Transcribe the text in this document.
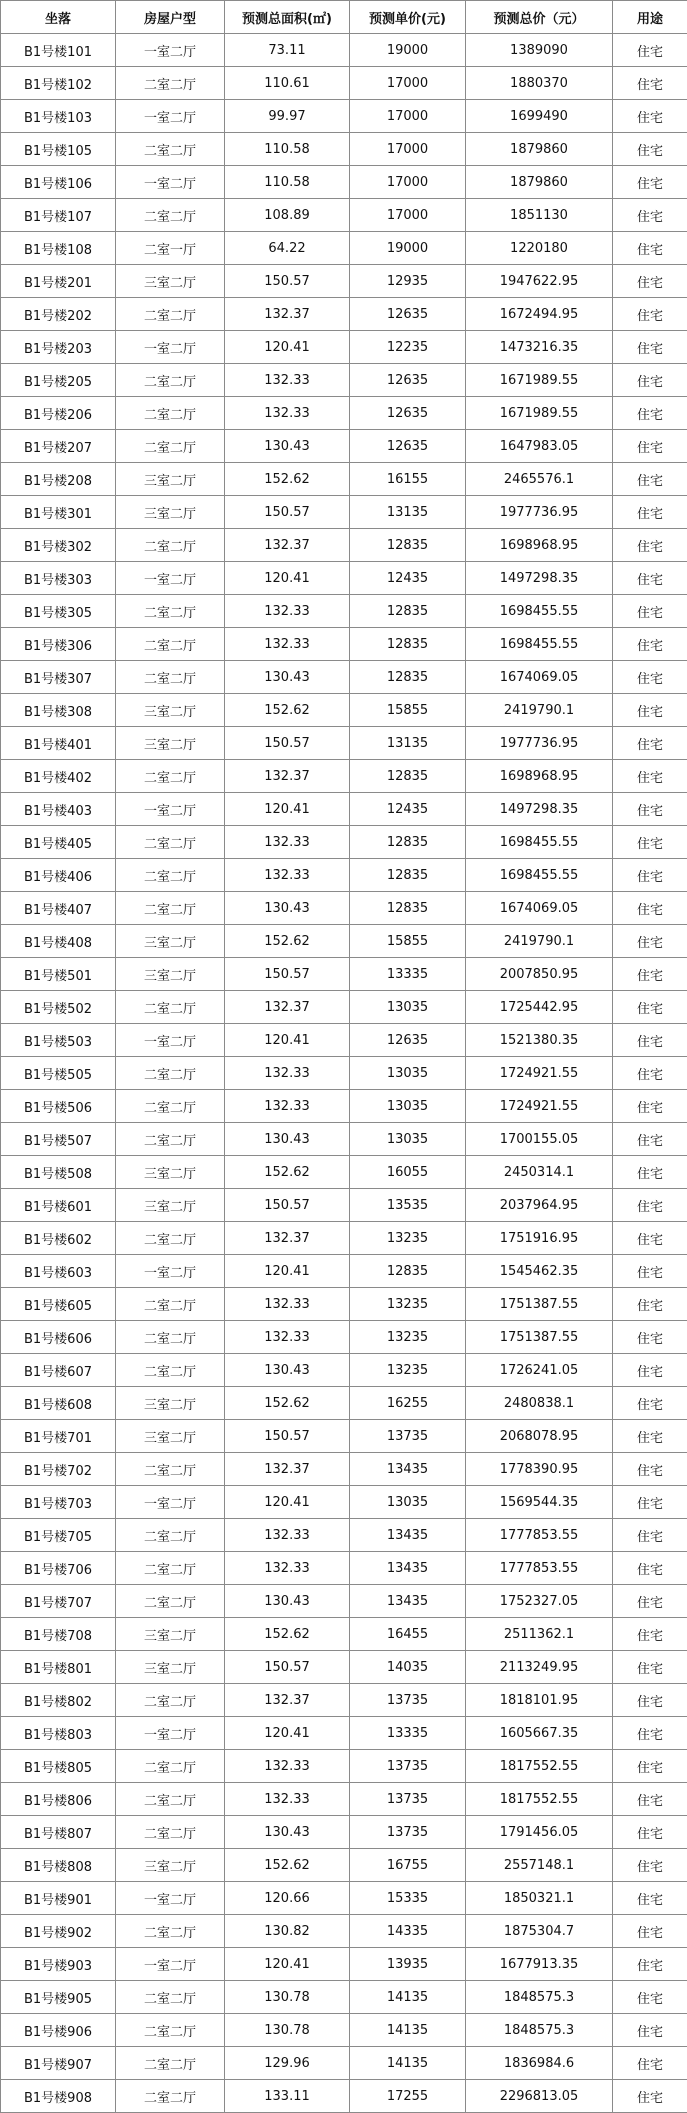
坐落	房屋户型	预测总面积(㎡)	预测单价(元)	预测总价（元）	用途
B1号楼101	一室二厅	73.11	19000	1389090	住宅
B1号楼102	二室二厅	110.61	17000	1880370	住宅
B1号楼103	一室二厅	99.97	17000	1699490	住宅
B1号楼105	二室二厅	110.58	17000	1879860	住宅
B1号楼106	一室二厅	110.58	17000	1879860	住宅
B1号楼107	二室二厅	108.89	17000	1851130	住宅
B1号楼108	二室一厅	64.22	19000	1220180	住宅
B1号楼201	三室二厅	150.57	12935	1947622.95	住宅
B1号楼202	二室二厅	132.37	12635	1672494.95	住宅
B1号楼203	一室二厅	120.41	12235	1473216.35	住宅
B1号楼205	二室二厅	132.33	12635	1671989.55	住宅
B1号楼206	二室二厅	132.33	12635	1671989.55	住宅
B1号楼207	二室二厅	130.43	12635	1647983.05	住宅
B1号楼208	三室二厅	152.62	16155	2465576.1	住宅
B1号楼301	三室二厅	150.57	13135	1977736.95	住宅
B1号楼302	二室二厅	132.37	12835	1698968.95	住宅
B1号楼303	一室二厅	120.41	12435	1497298.35	住宅
B1号楼305	二室二厅	132.33	12835	1698455.55	住宅
B1号楼306	二室二厅	132.33	12835	1698455.55	住宅
B1号楼307	二室二厅	130.43	12835	1674069.05	住宅
B1号楼308	三室二厅	152.62	15855	2419790.1	住宅
B1号楼401	三室二厅	150.57	13135	1977736.95	住宅
B1号楼402	二室二厅	132.37	12835	1698968.95	住宅
B1号楼403	一室二厅	120.41	12435	1497298.35	住宅
B1号楼405	二室二厅	132.33	12835	1698455.55	住宅
B1号楼406	二室二厅	132.33	12835	1698455.55	住宅
B1号楼407	二室二厅	130.43	12835	1674069.05	住宅
B1号楼408	三室二厅	152.62	15855	2419790.1	住宅
B1号楼501	三室二厅	150.57	13335	2007850.95	住宅
B1号楼502	二室二厅	132.37	13035	1725442.95	住宅
B1号楼503	一室二厅	120.41	12635	1521380.35	住宅
B1号楼505	二室二厅	132.33	13035	1724921.55	住宅
B1号楼506	二室二厅	132.33	13035	1724921.55	住宅
B1号楼507	二室二厅	130.43	13035	1700155.05	住宅
B1号楼508	三室二厅	152.62	16055	2450314.1	住宅
B1号楼601	三室二厅	150.57	13535	2037964.95	住宅
B1号楼602	二室二厅	132.37	13235	1751916.95	住宅
B1号楼603	一室二厅	120.41	12835	1545462.35	住宅
B1号楼605	二室二厅	132.33	13235	1751387.55	住宅
B1号楼606	二室二厅	132.33	13235	1751387.55	住宅
B1号楼607	二室二厅	130.43	13235	1726241.05	住宅
B1号楼608	三室二厅	152.62	16255	2480838.1	住宅
B1号楼701	三室二厅	150.57	13735	2068078.95	住宅
B1号楼702	二室二厅	132.37	13435	1778390.95	住宅
B1号楼703	一室二厅	120.41	13035	1569544.35	住宅
B1号楼705	二室二厅	132.33	13435	1777853.55	住宅
B1号楼706	二室二厅	132.33	13435	1777853.55	住宅
B1号楼707	二室二厅	130.43	13435	1752327.05	住宅
B1号楼708	三室二厅	152.62	16455	2511362.1	住宅
B1号楼801	三室二厅	150.57	14035	2113249.95	住宅
B1号楼802	二室二厅	132.37	13735	1818101.95	住宅
B1号楼803	一室二厅	120.41	13335	1605667.35	住宅
B1号楼805	二室二厅	132.33	13735	1817552.55	住宅
B1号楼806	二室二厅	132.33	13735	1817552.55	住宅
B1号楼807	二室二厅	130.43	13735	1791456.05	住宅
B1号楼808	三室二厅	152.62	16755	2557148.1	住宅
B1号楼901	一室二厅	120.66	15335	1850321.1	住宅
B1号楼902	二室二厅	130.82	14335	1875304.7	住宅
B1号楼903	一室二厅	120.41	13935	1677913.35	住宅
B1号楼905	二室二厅	130.78	14135	1848575.3	住宅
B1号楼906	二室二厅	130.78	14135	1848575.3	住宅
B1号楼907	二室二厅	129.96	14135	1836984.6	住宅
B1号楼908	二室二厅	133.11	17255	2296813.05	住宅
